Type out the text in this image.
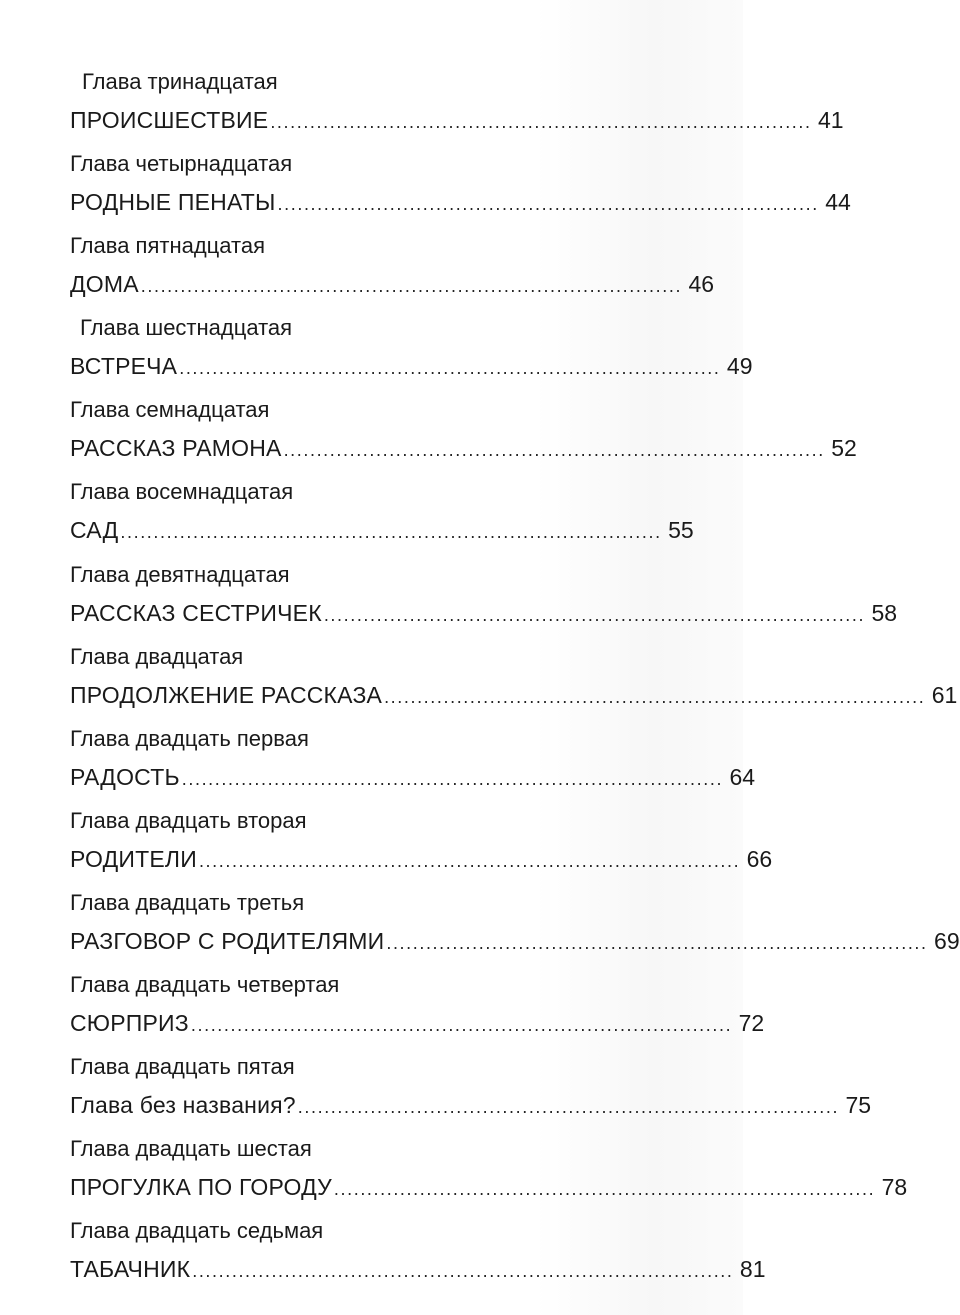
Глава тринадцатая
ПРОИСШЕСТВИЕ .................................................................................. 41
Глава четырнадцатая
РОДНЫЕ ПЕНАТЫ .................................................................................. 44
Глава пятнадцатая
ДОМА .................................................................................. 46
Глава шестнадцатая
ВСТРЕЧА .................................................................................. 49
Глава семнадцатая
РАССКАЗ РАМОНА .................................................................................. 52
Глава восемнадцатая
САД .................................................................................. 55
Глава девятнадцатая
РАССКАЗ СЕСТРИЧЕК .................................................................................. 58
Глава двадцатая
ПРОДОЛЖЕНИЕ РАССКАЗА .................................................................................. 61
Глава двадцать первая
РАДОСТЬ .................................................................................. 64
Глава двадцать вторая
РОДИТЕЛИ .................................................................................. 66
Глава двадцать третья
РАЗГОВОР С РОДИТЕЛЯМИ .................................................................................. 69
Глава двадцать четвертая
СЮРПРИЗ .................................................................................. 72
Глава двадцать пятая
Глава без названия? .................................................................................. 75
Глава двадцать шестая
ПРОГУЛКА ПО ГОРОДУ .................................................................................. 78
Глава двадцать седьмая
ТАБАЧНИК .................................................................................. 81
